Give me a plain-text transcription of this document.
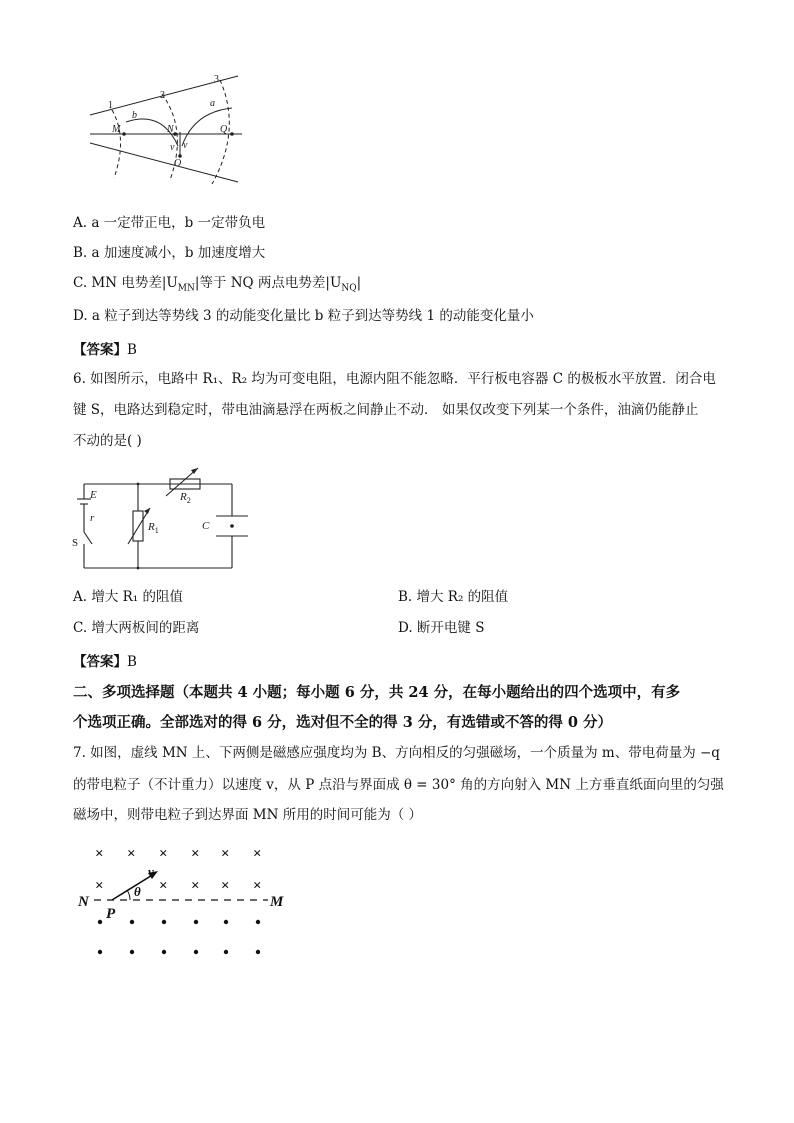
1
2
3
a
b
M	N	Q
O
v v
A. a 一定带正电，b 一定带负电
B. a 加速度减小，b 加速度增大
C. MN 电势差$|U_{MN}|$等于 NQ 两点电势差$|U_{NQ}|$
D. a 粒子到达等势线 3 的动能变化量比 b 粒子到达等势线 1 的动能变化量小
【答案】B
6. 如图所示，电路中 R₁、R₂ 均为可变电阻，电源内阻不能忽略．平行板电容器 C 的极板水平放置．闭合电
键 S，电路达到稳定时，带电油滴悬浮在两板之间静止不动． 如果仅改变下列某一个条件，油滴仍能静止
不动的是( )
E
r
S
$R_1$
$R_2$
C
A. 增大 R₁ 的阻值	B. 增大 R₂ 的阻值
C. 增大两板间的距离	D. 断开电键 S
【答案】B
二、多项选择题（本题共 4 小题；每小题 6 分，共 24 分，在每小题给出的四个选项中，有多
个选项正确。全部选对的得 6 分，选对但不全的得 3 分，有选错或不答的得 0 分）
7. 如图，虚线 MN 上、下两侧是磁感应强度均为 B、方向相反的匀强磁场，一个质量为 m、带电荷量为 −q
的带电粒子（不计重力）以速度 v，从 P 点沿与界面成 θ = 30° 角的方向射入 MN 上方垂直纸面向里的匀强
磁场中，则带电粒子到达界面 MN 所用的时间可能为（ ）
× × × × × ×
×	× × × ×
N	M
P
v
θ
